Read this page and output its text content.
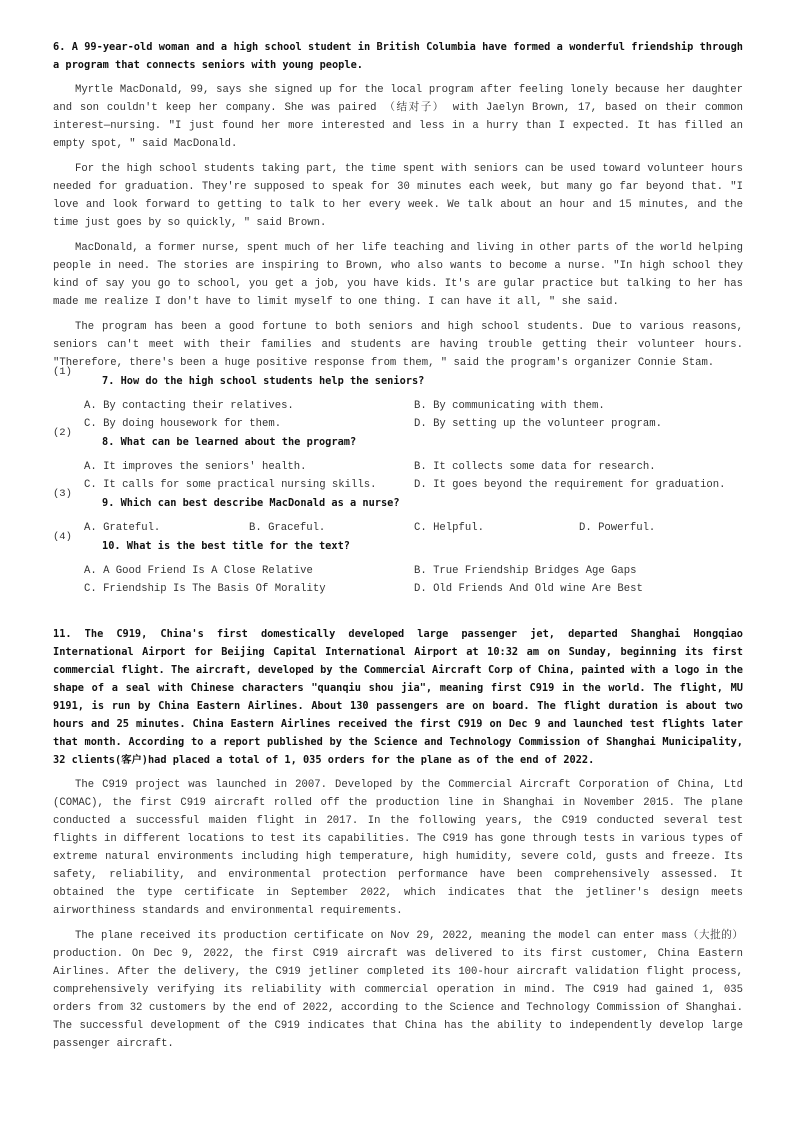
6. A 99-year-old woman and a high school student in British Columbia have formed a wonderful friendship through a program that connects seniors with young people.

Myrtle MacDonald, 99, says she signed up for the local program after feeling lonely because her daughter and son couldn't keep her company. She was paired （结对子） with Jaelyn Brown, 17, based on their common interest—nursing. "I just found her more interested and less in a hurry than I expected. It has filled an empty spot, " said MacDonald.

For the high school students taking part, the time spent with seniors can be used toward volunteer hours needed for graduation. They're supposed to speak for 30 minutes each week, but many go far beyond that. "I love and look forward to getting to talk to her every week. We talk about an hour and 15 minutes, and the time just goes by so quickly, " said Brown.

MacDonald, a former nurse, spent much of her life teaching and living in other parts of the world helping people in need. The stories are inspiring to Brown, who also wants to become a nurse. "In high school they kind of say you go to school, you get a job, you have kids. It's are gular practice but talking to her has made me realize I don't have to limit myself to one thing. I can have it all, " she said.

The program has been a good fortune to both seniors and high school students. Due to various reasons, seniors can't meet with their families and students are having trouble getting their volunteer hours. "Therefore, there's been a huge positive response from them, " said the program's organizer Connie Stam.

(1)
7. How do the high school students help the seniors?
A. By contacting their relatives.	B. By communicating with them.
C. By doing housework for them.	D. By setting up the volunteer program.
(2)
8. What can be learned about the program?
A. It improves the seniors' health.	B. It collects some data for research.
C. It calls for some practical nursing skills.	D. It goes beyond the requirement for graduation.
(3)
9. Which can best describe MacDonald as a nurse?
A. Grateful.	B. Graceful.	C. Helpful.	D. Powerful.
(4)
10. What is the best title for the text?
A. A Good Friend Is A Close Relative	B. True Friendship Bridges Age Gaps
C. Friendship Is The Basis Of Morality	D. Old Friends And Old wine Are Best
11. The C919, China's first domestically developed large passenger jet, departed Shanghai Hongqiao International Airport for Beijing Capital International Airport at 10:32 am on Sunday, beginning its first commercial flight. The aircraft, developed by the Commercial Aircraft Corp of China, painted with a logo in the shape of a seal with Chinese characters "quanqiu shou jia", meaning first C919 in the world. The flight, MU 9191, is run by China Eastern Airlines. About 130 passengers are on board. The flight duration is about two hours and 25 minutes. China Eastern Airlines received the first C919 on Dec 9 and launched test flights later that month. According to a report published by the Science and Technology Commission of Shanghai Municipality, 32 clients(客户)had placed a total of 1, 035 orders for the plane as of the end of 2022.

The C919 project was launched in 2007. Developed by the Commercial Aircraft Corporation of China, Ltd (COMAC), the first C919 aircraft rolled off the production line in Shanghai in November 2015. The plane conducted a successful maiden flight in 2017. In the following years, the C919 conducted several test flights in different locations to test its capabilities. The C919 has gone through tests in various types of extreme natural environments including high temperature, high humidity, severe cold, gusts and freeze. Its safety, reliability, and environmental protection performance have been comprehensively assessed. It obtained the type certificate in September 2022, which indicates that the jetliner's design meets airworthiness standards and environmental requirements.

The plane received its production certificate on Nov 29, 2022, meaning the model can enter mass（大批的）production. On Dec 9, 2022, the first C919 aircraft was delivered to its first customer, China Eastern Airlines. After the delivery, the C919 jetliner completed its 100-hour aircraft validation flight process, comprehensively verifying its reliability with commercial operation in mind. The C919 had gained 1, 035 orders from 32 customers by the end of 2022, according to the Science and Technology Commission of Shanghai. The successful development of the C919 indicates that China has the ability to independently develop large passenger aircraft.
